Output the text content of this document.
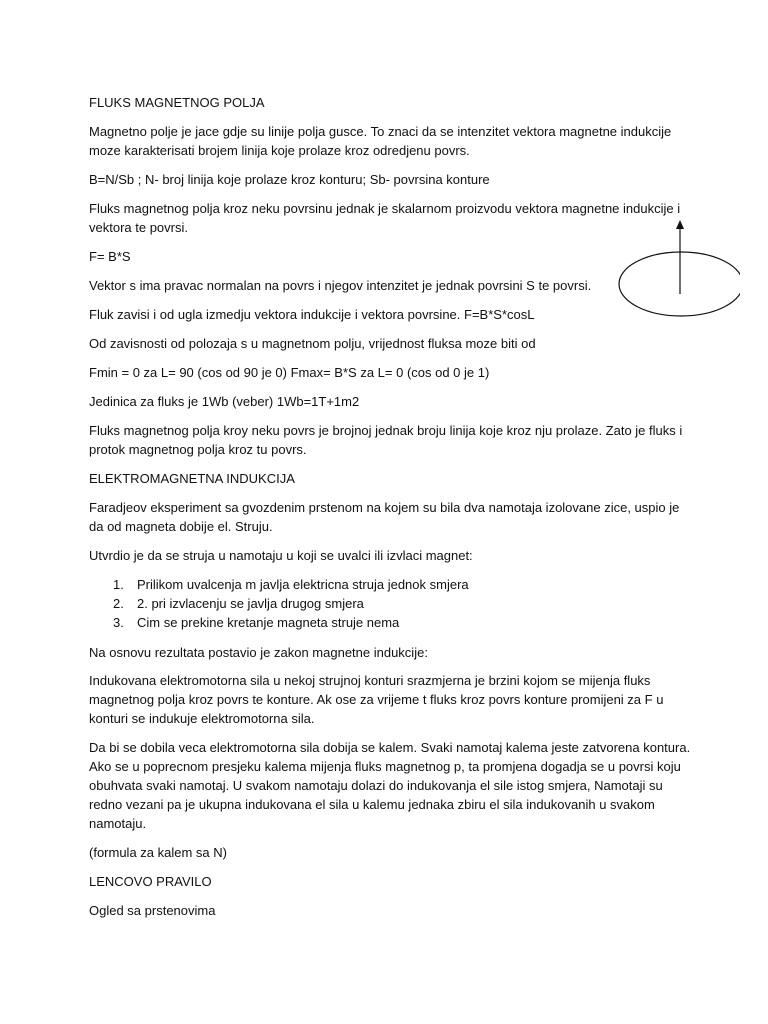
FLUKS MAGNETNOG POLJA
Magnetno polje je jace gdje su linije polja gusce. To znaci da se intenzitet vektora magnetne indukcije
moze karakterisati brojem linija koje prolaze kroz odredjenu povrs.
B=N/Sb ; N- broj linija koje prolaze kroz konturu; Sb- povrsina konture
Fluks magnetnog polja kroz neku povrsinu jednak je skalarnom proizvodu vektora magnetne indukcije i
vektora te povrsi.
F= B*S
Vektor s ima pravac normalan na povrs i njegov intenzitet je jednak povrsini S te povrsi.
Fluk zavisi i od ugla izmedju vektora indukcije i vektora povrsine. F=B*S*cosL
Od zavisnosti od polozaja s u magnetnom polju, vrijednost fluksa moze biti od
Fmin = 0 za L= 90 (cos od 90 je 0) Fmax= B*S za L= 0 (cos od 0 je 1)
Jedinica za fluks je 1Wb (veber) 1Wb=1T+1m2
Fluks magnetnog polja kroy neku povrs je brojnoj jednak broju linija koje kroz nju prolaze. Zato je fluks i
protok magnetnog polja kroz tu povrs.
ELEKTROMAGNETNA INDUKCIJA
Faradjeov eksperiment sa gvozdenim prstenom na kojem su bila dva namotaja izolovane zice, uspio je
da od magneta dobije el. Struju.
Utvrdio je da se struja u namotaju u koji se uvalci ili izvlaci magnet:
1. Prilikom uvalcenja m javlja elektricna struja jednok smjera
2. 2. pri izvlacenju se javlja drugog smjera
3. Cim se prekine kretanje magneta struje nema
Na osnovu rezultata postavio je zakon magnetne indukcije:
Indukovana elektromotorna sila u nekoj strujnoj konturi srazmjerna je brzini kojom se mijenja fluks
magnetnog polja kroz povrs te konture. Ak ose za vrijeme t fluks kroz povrs konture promijeni za F u
konturi se indukuje elektromotorna sila.
Da bi se dobila veca elektromotorna sila dobija se kalem. Svaki namotaj kalema jeste zatvorena kontura.
Ako se u poprecnom presjeku kalema mijenja fluks magnetnog p, ta promjena dogadja se u povrsi koju
obuhvata svaki namotaj. U svakom namotaju dolazi do indukovanja el sile istog smjera, Namotaji su
redno vezani pa je ukupna indukovana el sila u kalemu jednaka zbiru el sila indukovanih u svakom
namotaju.
(formula za kalem sa N)
LENCOVO PRAVILO
Ogled sa prstenovima
